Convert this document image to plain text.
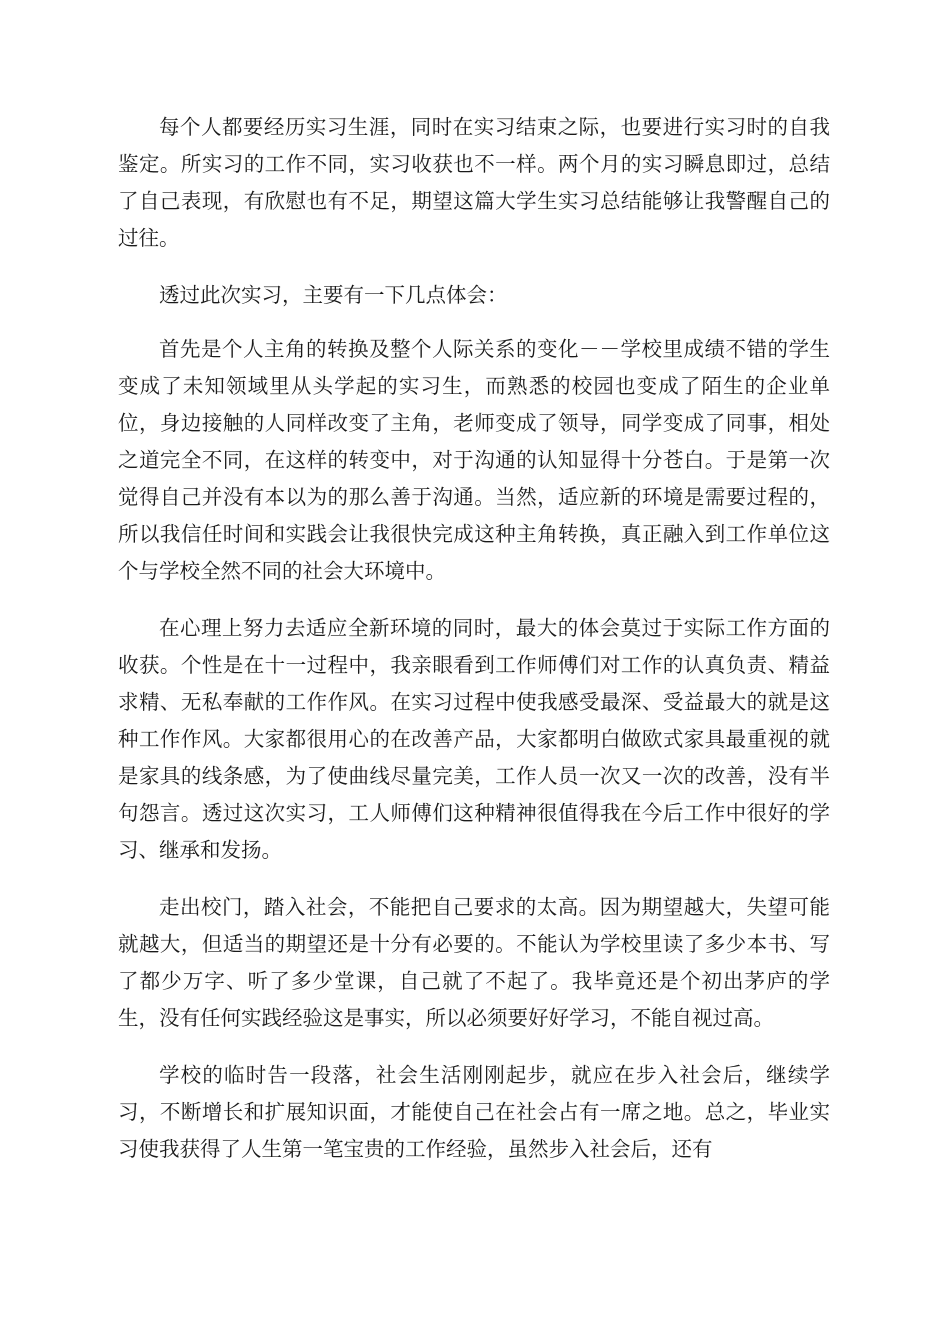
每个人都要经历实习生涯，同时在实习结束之际，也要进行实习时的自我鉴定。所实习的工作不同，实习收获也不一样。两个月的实习瞬息即过，总结了自己表现，有欣慰也有不足，期望这篇大学生实习总结能够让我警醒自己的过往。

透过此次实习，主要有一下几点体会：

首先是个人主角的转换及整个人际关系的变化－－学校里成绩不错的学生变成了未知领域里从头学起的实习生，而熟悉的校园也变成了陌生的企业单位，身边接触的人同样改变了主角，老师变成了领导，同学变成了同事，相处之道完全不同，在这样的转变中，对于沟通的认知显得十分苍白。于是第一次觉得自己并没有本以为的那么善于沟通。当然，适应新的环境是需要过程的，所以我信任时间和实践会让我很快完成这种主角转换，真正融入到工作单位这个与学校全然不同的社会大环境中。

在心理上努力去适应全新环境的同时，最大的体会莫过于实际工作方面的收获。个性是在十一过程中，我亲眼看到工作师傅们对工作的认真负责、精益求精、无私奉献的工作作风。在实习过程中使我感受最深、受益最大的就是这种工作作风。大家都很用心的在改善产品，大家都明白做欧式家具最重视的就是家具的线条感，为了使曲线尽量完美，工作人员一次又一次的改善，没有半句怨言。透过这次实习，工人师傅们这种精神很值得我在今后工作中很好的学习、继承和发扬。

走出校门，踏入社会，不能把自己要求的太高。因为期望越大，失望可能就越大，但适当的期望还是十分有必要的。不能认为学校里读了多少本书、写了都少万字、听了多少堂课，自己就了不起了。我毕竟还是个初出茅庐的学生，没有任何实践经验这是事实，所以必须要好好学习，不能自视过高。

学校的临时告一段落，社会生活刚刚起步，就应在步入社会后，继续学习，不断增长和扩展知识面，才能使自己在社会占有一席之地。总之，毕业实习使我获得了人生第一笔宝贵的工作经验，虽然步入社会后，还有
